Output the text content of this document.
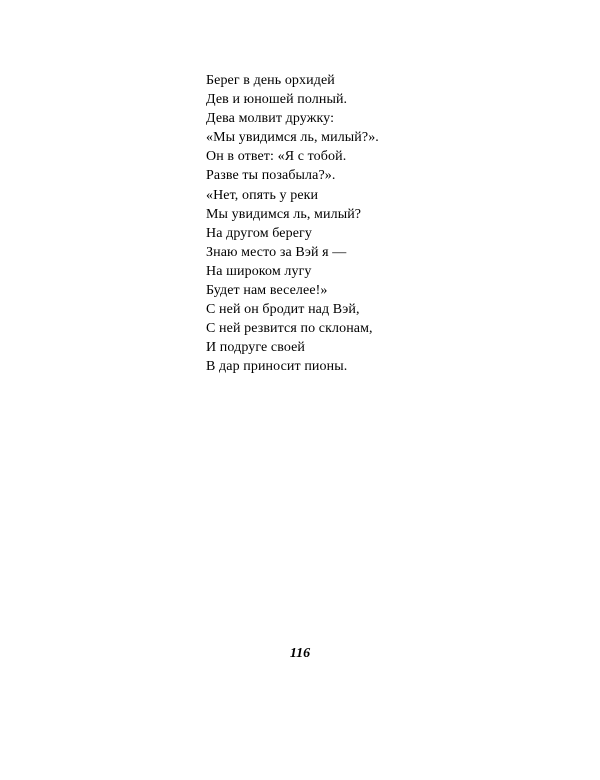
Берег в день орхидей
Дев и юношей полный.
Дева молвит дружку:
«Мы увидимся ль, милый?».
Он в ответ: «Я с тобой.
Разве ты позабыла?».
«Нет, опять у реки
Мы увидимся ль, милый?
На другом берегу
Знаю место за Вэй я —
На широком лугу
Будет нам веселее!»
С ней он бродит над Вэй,
С ней резвится по склонам,
И подруге своей
В дар приносит пионы.
116
